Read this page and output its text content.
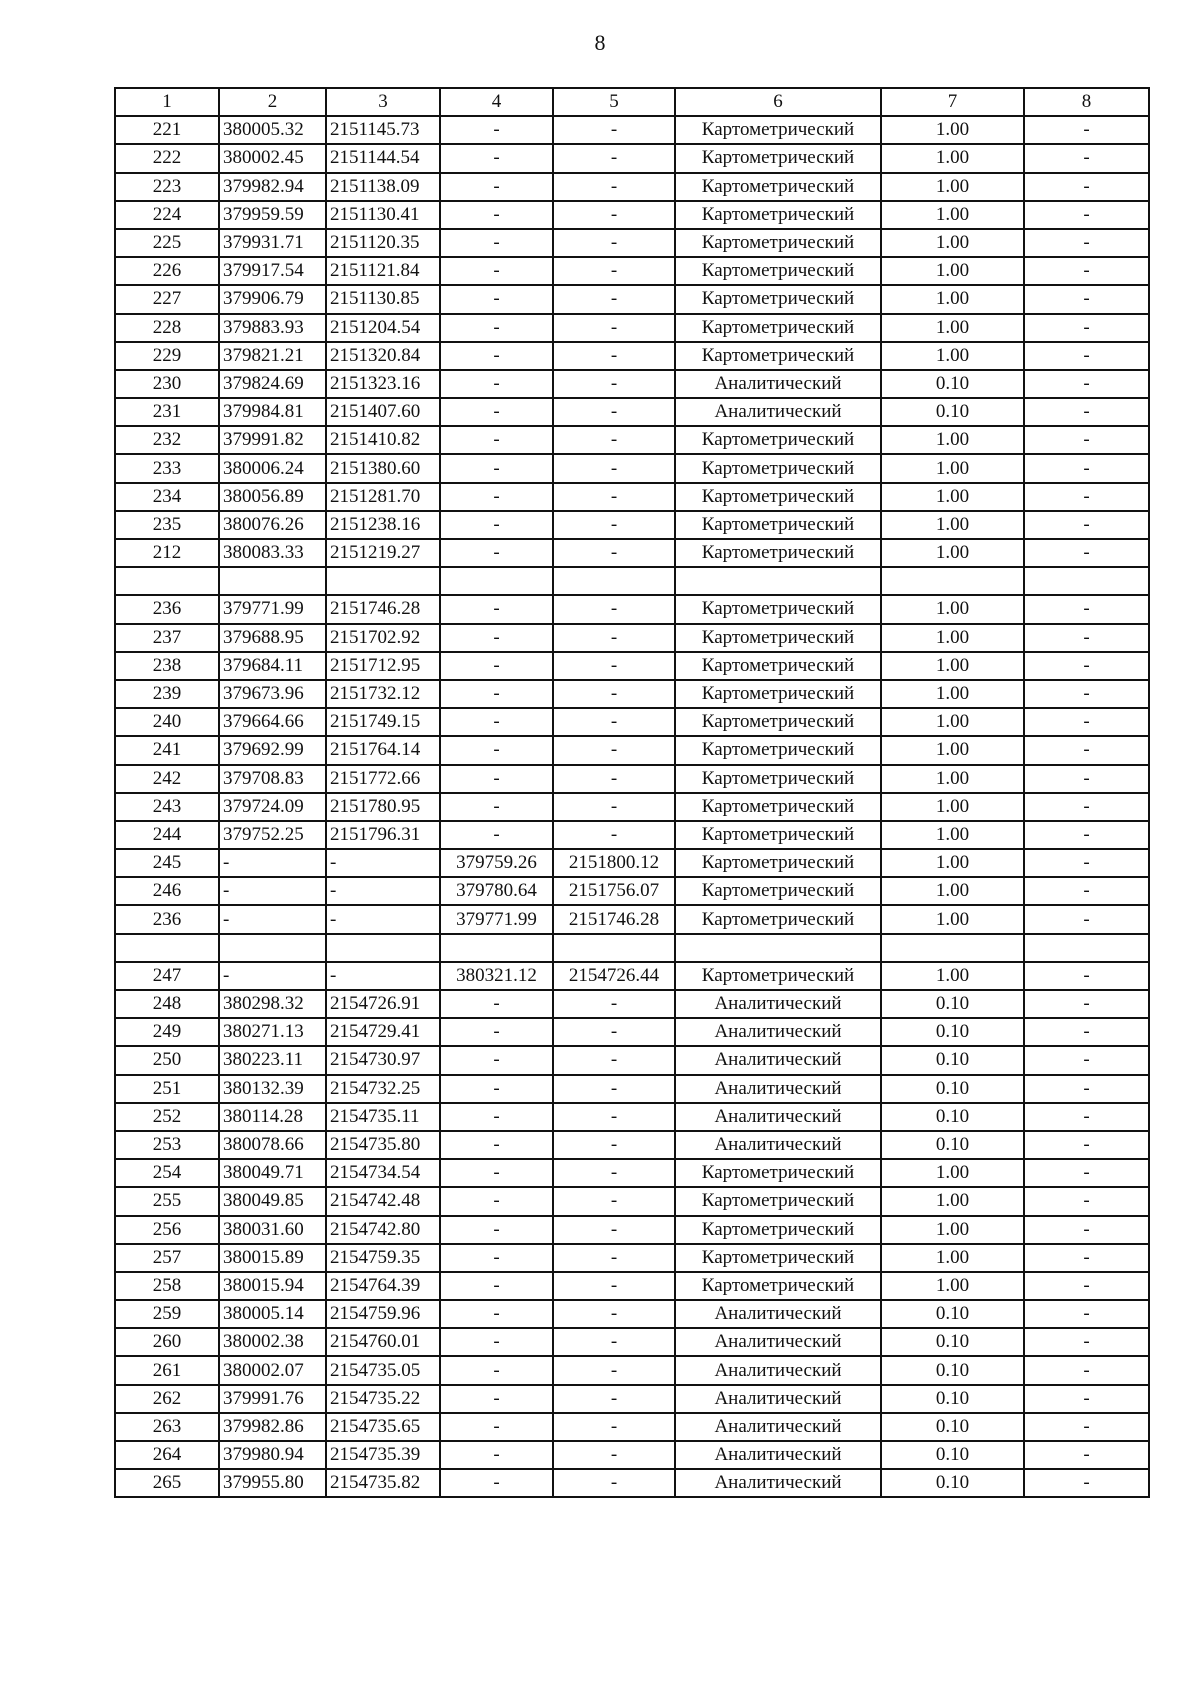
8
1	2	3	4	5	6	7	8
221	380005.32	2151145.73	-	-	Картометрический	1.00	-
222	380002.45	2151144.54	-	-	Картометрический	1.00	-
223	379982.94	2151138.09	-	-	Картометрический	1.00	-
224	379959.59	2151130.41	-	-	Картометрический	1.00	-
225	379931.71	2151120.35	-	-	Картометрический	1.00	-
226	379917.54	2151121.84	-	-	Картометрический	1.00	-
227	379906.79	2151130.85	-	-	Картометрический	1.00	-
228	379883.93	2151204.54	-	-	Картометрический	1.00	-
229	379821.21	2151320.84	-	-	Картометрический	1.00	-
230	379824.69	2151323.16	-	-	Аналитический	0.10	-
231	379984.81	2151407.60	-	-	Аналитический	0.10	-
232	379991.82	2151410.82	-	-	Картометрический	1.00	-
233	380006.24	2151380.60	-	-	Картометрический	1.00	-
234	380056.89	2151281.70	-	-	Картометрический	1.00	-
235	380076.26	2151238.16	-	-	Картометрический	1.00	-
212	380083.33	2151219.27	-	-	Картометрический	1.00	-

236	379771.99	2151746.28	-	-	Картометрический	1.00	-
237	379688.95	2151702.92	-	-	Картометрический	1.00	-
238	379684.11	2151712.95	-	-	Картометрический	1.00	-
239	379673.96	2151732.12	-	-	Картометрический	1.00	-
240	379664.66	2151749.15	-	-	Картометрический	1.00	-
241	379692.99	2151764.14	-	-	Картометрический	1.00	-
242	379708.83	2151772.66	-	-	Картометрический	1.00	-
243	379724.09	2151780.95	-	-	Картометрический	1.00	-
244	379752.25	2151796.31	-	-	Картометрический	1.00	-
245	-	-	379759.26	2151800.12	Картометрический	1.00	-
246	-	-	379780.64	2151756.07	Картометрический	1.00	-
236	-	-	379771.99	2151746.28	Картометрический	1.00	-

247	-	-	380321.12	2154726.44	Картометрический	1.00	-
248	380298.32	2154726.91	-	-	Аналитический	0.10	-
249	380271.13	2154729.41	-	-	Аналитический	0.10	-
250	380223.11	2154730.97	-	-	Аналитический	0.10	-
251	380132.39	2154732.25	-	-	Аналитический	0.10	-
252	380114.28	2154735.11	-	-	Аналитический	0.10	-
253	380078.66	2154735.80	-	-	Аналитический	0.10	-
254	380049.71	2154734.54	-	-	Картометрический	1.00	-
255	380049.85	2154742.48	-	-	Картометрический	1.00	-
256	380031.60	2154742.80	-	-	Картометрический	1.00	-
257	380015.89	2154759.35	-	-	Картометрический	1.00	-
258	380015.94	2154764.39	-	-	Картометрический	1.00	-
259	380005.14	2154759.96	-	-	Аналитический	0.10	-
260	380002.38	2154760.01	-	-	Аналитический	0.10	-
261	380002.07	2154735.05	-	-	Аналитический	0.10	-
262	379991.76	2154735.22	-	-	Аналитический	0.10	-
263	379982.86	2154735.65	-	-	Аналитический	0.10	-
264	379980.94	2154735.39	-	-	Аналитический	0.10	-
265	379955.80	2154735.82	-	-	Аналитический	0.10	-
